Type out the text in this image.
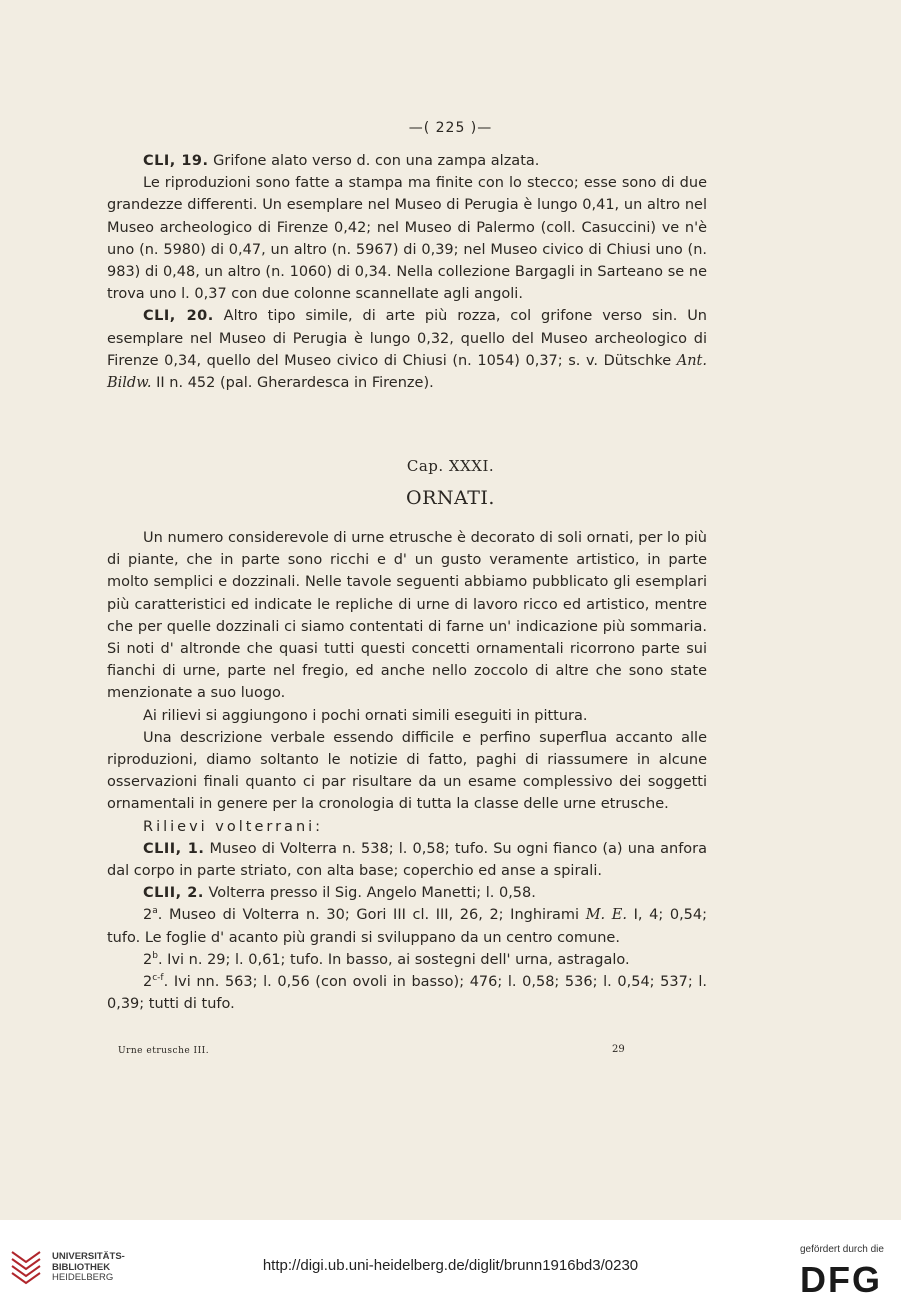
—( 225 )—

CLI, 19. Grifone alato verso d. con una zampa alzata.

Le riproduzioni sono fatte a stampa ma finite con lo stecco; esse sono di due grandezze differenti. Un esemplare nel Museo di Perugia è lungo 0,41, un altro nel Museo archeologico di Firenze 0,42; nel Museo di Palermo (coll. Casuccini) ve n'è uno (n. 5980) di 0,47, un altro (n. 5967) di 0,39; nel Museo civico di Chiusi uno (n. 983) di 0,48, un altro (n. 1060) di 0,34. Nella collezione Bargagli in Sarteano se ne trova uno l. 0,37 con due colonne scannellate agli angoli.

CLI, 20. Altro tipo simile, di arte più rozza, col grifone verso sin. Un esemplare nel Museo di Perugia è lungo 0,32, quello del Museo archeologico di Firenze 0,34, quello del Museo civico di Chiusi (n. 1054) 0,37; s. v. Dütschke Ant. Bildw. II n. 452 (pal. Gherardesca in Firenze).

Cap. XXXI.
ORNATI.

Un numero considerevole di urne etrusche è decorato di soli ornati, per lo più di piante, che in parte sono ricchi e d' un gusto veramente artistico, in parte molto semplici e dozzinali. Nelle tavole seguenti abbiamo pubblicato gli esemplari più caratteristici ed indicate le repliche di urne di lavoro ricco ed artistico, mentre che per quelle dozzinali ci siamo contentati di farne un' indicazione più sommaria. Si noti d' altronde che quasi tutti questi concetti ornamentali ricorrono parte sui fianchi di urne, parte nel fregio, ed anche nello zoccolo di altre che sono state menzionate a suo luogo.

Ai rilievi si aggiungono i pochi ornati simili eseguiti in pittura.

Una descrizione verbale essendo difficile e perfino superflua accanto alle riproduzioni, diamo soltanto le notizie di fatto, paghi di riassumere in alcune osservazioni finali quanto ci par risultare da un esame complessivo dei soggetti ornamentali in genere per la cronologia di tutta la classe delle urne etrusche.

Rilievi volterrani:

CLII, 1. Museo di Volterra n. 538; l. 0,58; tufo. Su ogni fianco (a) una anfora dal corpo in parte striato, con alta base; coperchio ed anse a spirali.

CLII, 2. Volterra presso il Sig. Angelo Manetti; l. 0,58.

2$^a$. Museo di Volterra n. 30; Gori III cl. III, 26, 2; Inghirami M. E. I, 4; 0,54; tufo. Le foglie d' acanto più grandi si sviluppano da un centro comune.

2$^b$. Ivi n. 29; l. 0,61; tufo. In basso, ai sostegni dell' urna, astragalo.

2$^{c-f}$. Ivi nn. 563; l. 0,56 (con ovoli in basso); 476; l. 0,58; 536; l. 0,54; 537; l. 0,39; tutti di tufo.

Urne etrusche III.	29
UNIVERSITÄTS-
BIBLIOTHEK
HEIDELBERG
http://digi.ub.uni-heidelberg.de/diglit/brunn1916bd3/0230
gefördert durch die
DFG
